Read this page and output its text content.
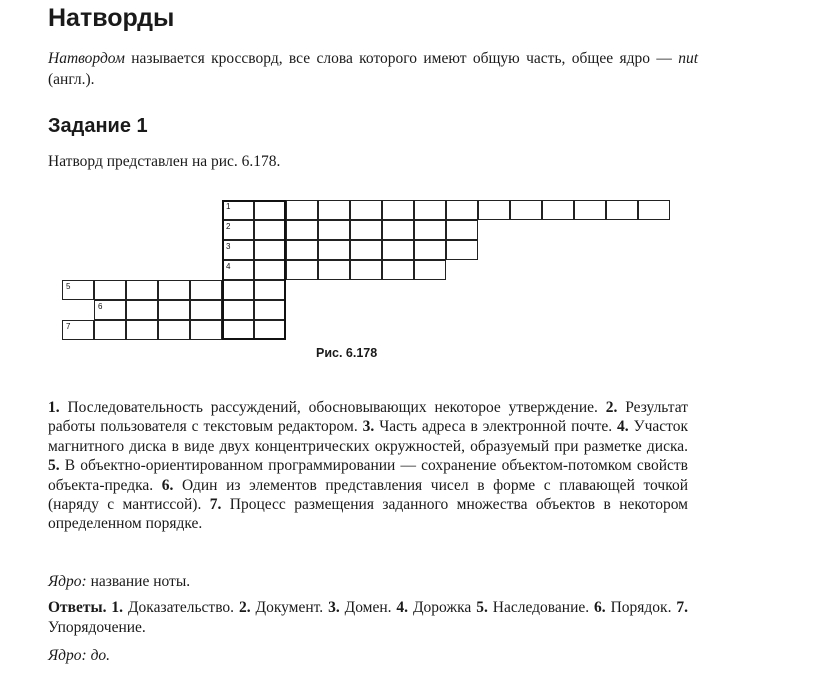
Натворды

Натвордом называется кроссворд, все слова которого имеют общую часть, общее ядро — nut (англ.).

Задание 1

Натворд представлен на рис. 6.178.

1
2
3
4
5
6
7

Рис. 6.178

1. Последовательность рассуждений, обосновывающих некоторое утверждение. 2. Результат работы пользователя с текстовым редактором. 3. Часть адреса в электронной почте. 4. Участок магнитного диска в виде двух концентрических окружностей, образуемый при разметке диска. 5. В объектно-ориентированном программировании — сохранение объектом-потомком свойств объекта-предка. 6. Один из элементов представления чисел в форме с плавающей точкой (наряду с мантиссой). 7. Процесс размещения заданного множества объектов в некотором определенном порядке.

Ядро: название ноты.

Ответы. 1. Доказательство. 2. Документ. 3. Домен. 4. Дорожка 5. Наследование. 6. Порядок. 7. Упорядочение.

Ядро: до.
